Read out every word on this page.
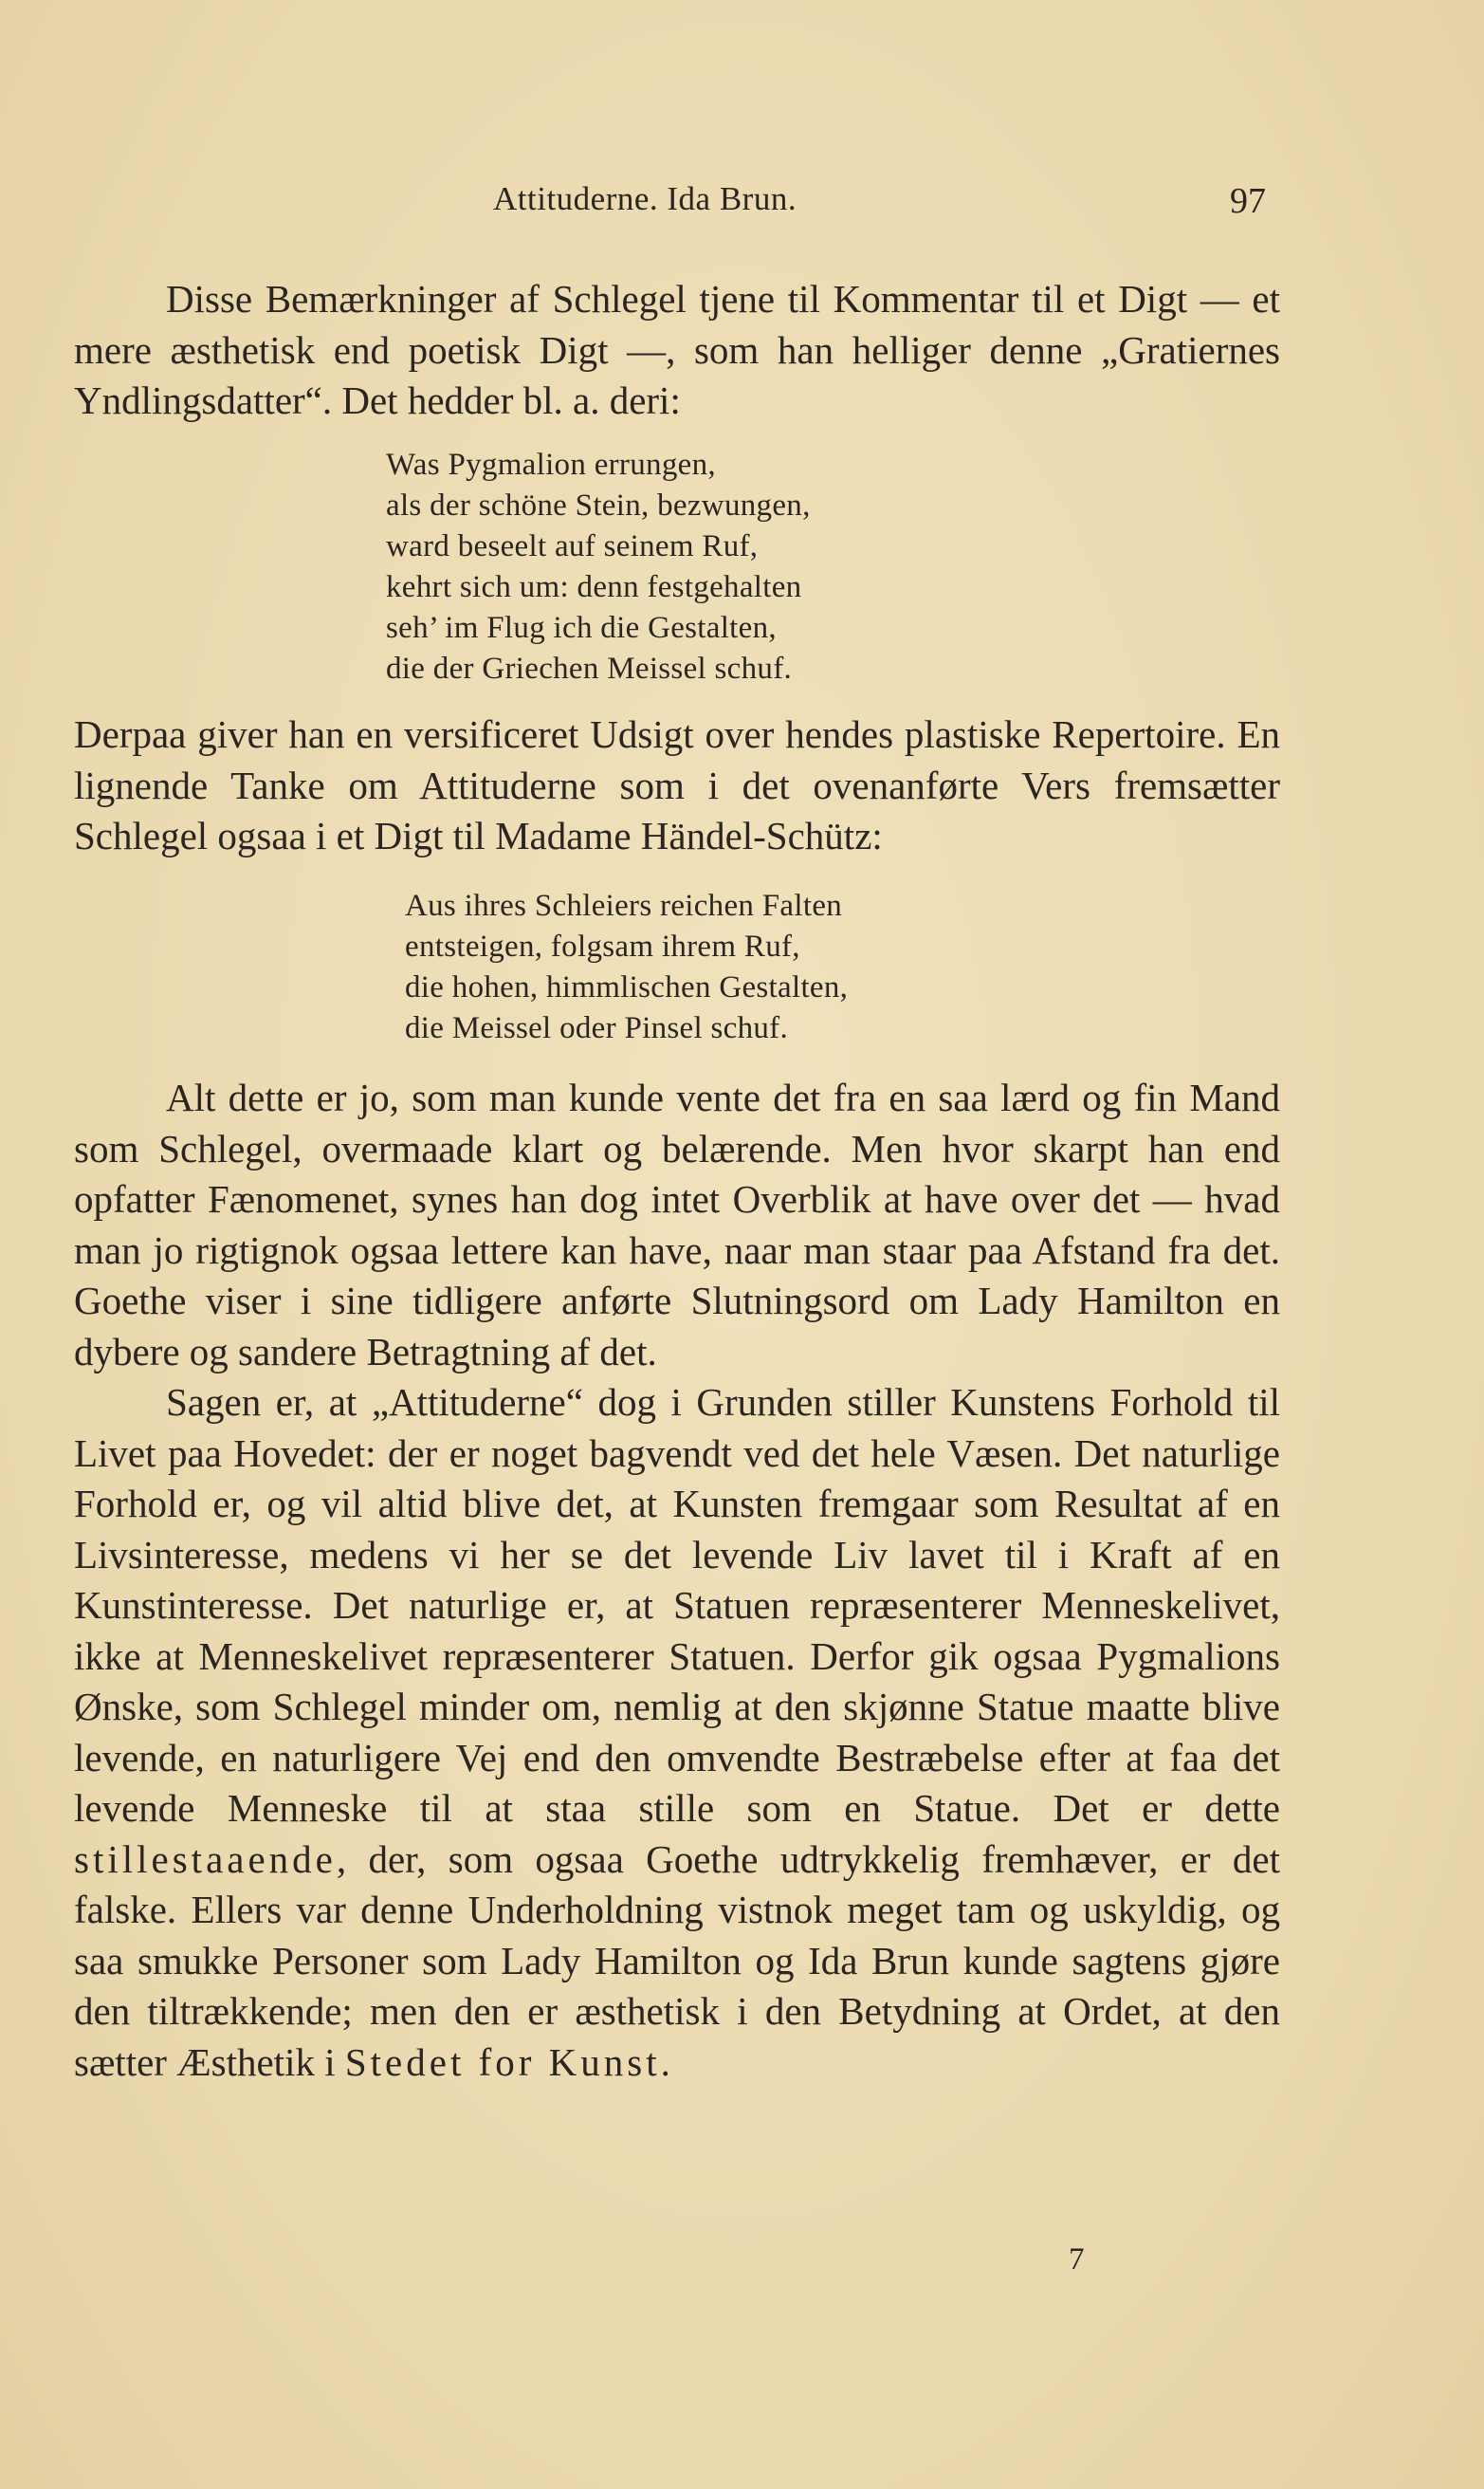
Attituderne. Ida Brun.	97

Disse Bemærkninger af Schlegel tjene til Kommentar til et Digt — et mere æsthetisk end poetisk Digt —, som han helliger denne „Gratiernes Yndlingsdatter“. Det hedder bl. a. deri:

Was Pygmalion errungen,
als der schöne Stein, bezwungen,
ward beseelt auf seinem Ruf,
kehrt sich um: denn festgehalten
seh’ im Flug ich die Gestalten,
die der Griechen Meissel schuf.

Derpaa giver han en versificeret Udsigt over hendes plastiske Repertoire. En lignende Tanke om Attituderne som i det ovenanførte Vers fremsætter Schlegel ogsaa i et Digt til Madame Händel-Schütz:

Aus ihres Schleiers reichen Falten
entsteigen, folgsam ihrem Ruf,
die hohen, himmlischen Gestalten,
die Meissel oder Pinsel schuf.

Alt dette er jo, som man kunde vente det fra en saa lærd og fin Mand som Schlegel, overmaade klart og belærende. Men hvor skarpt han end opfatter Fænomenet, synes han dog intet Overblik at have over det — hvad man jo rigtignok ogsaa lettere kan have, naar man staar paa Afstand fra det. Goethe viser i sine tidligere anførte Slutningsord om Lady Hamilton en dybere og sandere Betragtning af det.

Sagen er, at „Attituderne“ dog i Grunden stiller Kunstens Forhold til Livet paa Hovedet: der er noget bagvendt ved det hele Væsen. Det naturlige Forhold er, og vil altid blive det, at Kunsten fremgaar som Resultat af en Livsinteresse, medens vi her se det levende Liv lavet til i Kraft af en Kunstinteresse. Det naturlige er, at Statuen repræsenterer Menneskelivet, ikke at Menneskelivet repræsenterer Statuen. Derfor gik ogsaa Pygmalions Ønske, som Schlegel minder om, nemlig at den skjønne Statue maatte blive levende, en naturligere Vej end den omvendte Bestræbelse efter at faa det levende Menneske til at staa stille som en Statue. Det er dette stillestaaende, der, som ogsaa Goethe udtrykkelig fremhæver, er det falske. Ellers var denne Underholdning vistnok meget tam og uskyldig, og saa smukke Personer som Lady Hamilton og Ida Brun kunde sagtens gjøre den tiltrækkende; men den er æsthetisk i den Betydning at Ordet, at den sætter Æsthetik i Stedet for Kunst.

7
